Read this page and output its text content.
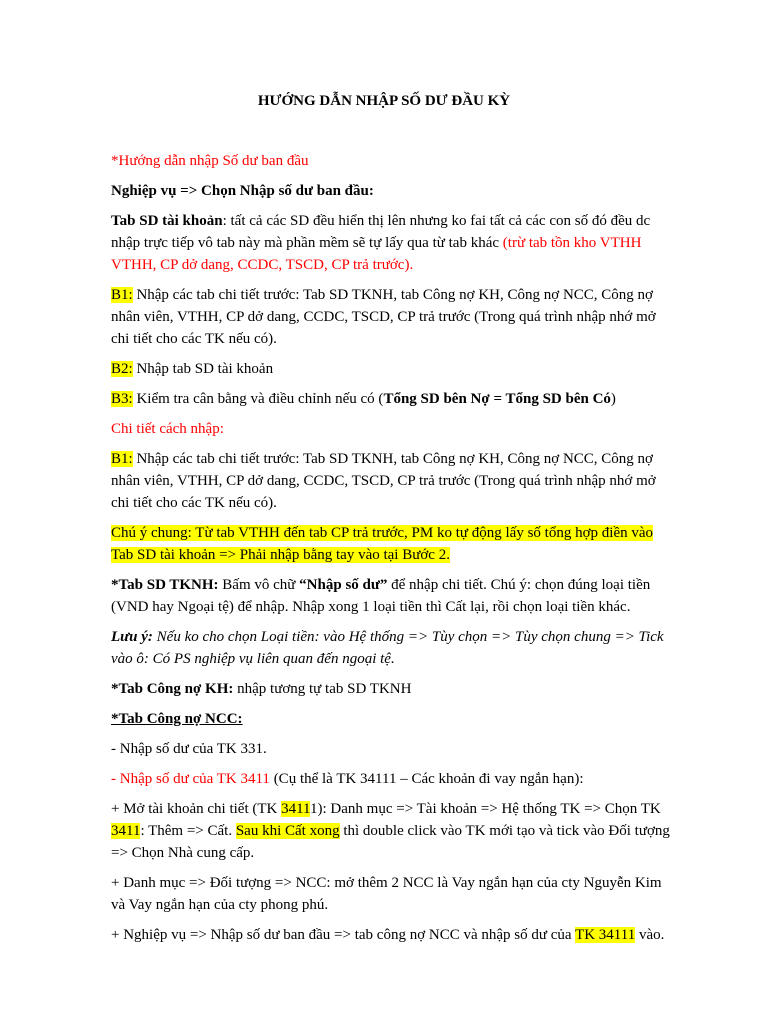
HƯỚNG DẪN NHẬP SỐ DƯ ĐẦU KỲ

*Hướng dẫn nhập Số dư ban đầu

Nghiệp vụ => Chọn Nhập số dư ban đầu:

Tab SD tài khoản: tất cả các SD đều hiển thị lên nhưng ko fai tất cả các con số đó đều dc nhập trực tiếp vô tab này mà phần mềm sẽ tự lấy qua từ tab khác (trừ tab tồn kho VTHH VTHH, CP dở dang, CCDC, TSCD, CP trả trước).

B1: Nhập các tab chi tiết trước: Tab SD TKNH, tab Công nợ KH, Công nợ NCC, Công nợ nhân viên, VTHH, CP dở dang, CCDC, TSCD, CP trả trước (Trong quá trình nhập nhớ mở chi tiết cho các TK nếu có).

B2: Nhập tab SD tài khoản

B3: Kiểm tra cân bằng và điều chỉnh nếu có (Tổng SD bên Nợ = Tổng SD bên Có)

Chi tiết cách nhập:

B1: Nhập các tab chi tiết trước: Tab SD TKNH, tab Công nợ KH, Công nợ NCC, Công nợ nhân viên, VTHH, CP dở dang, CCDC, TSCD, CP trả trước (Trong quá trình nhập nhớ mở chi tiết cho các TK nếu có).

Chú ý chung: Từ tab VTHH đến tab CP trả trước, PM ko tự động lấy số tổng hợp điền vào Tab SD tài khoản => Phải nhập bằng tay vào tại Bước 2.

*Tab SD TKNH: Bấm vô chữ “Nhập số dư” để nhập chi tiết. Chú ý: chọn đúng loại tiền (VND hay Ngoại tệ) để nhập. Nhập xong 1 loại tiền thì Cất lại, rồi chọn loại tiền khác.

Lưu ý: Nếu ko cho chọn Loại tiền: vào Hệ thống => Tùy chọn => Tùy chọn chung => Tick vào ô: Có PS nghiệp vụ liên quan đến ngoại tệ.

*Tab Công nợ KH: nhập tương tự tab SD TKNH

*Tab Công nợ NCC:

- Nhập số dư của TK 331.

- Nhập số dư của TK 3411 (Cụ thể là TK 34111 – Các khoản đi vay ngắn hạn):

+ Mở tài khoản chi tiết (TK 34111): Danh mục => Tài khoản => Hệ thống TK => Chọn TK 3411: Thêm => Cất. Sau khi Cất xong thì double click vào TK mới tạo và tick vào Đối tượng => Chọn Nhà cung cấp.

+ Danh mục => Đối tượng => NCC: mở thêm 2 NCC là Vay ngắn hạn của cty Nguyễn Kim và Vay ngắn hạn của cty phong phú.

+ Nghiệp vụ => Nhập số dư ban đầu => tab công nợ NCC và nhập số dư của TK 34111 vào.
